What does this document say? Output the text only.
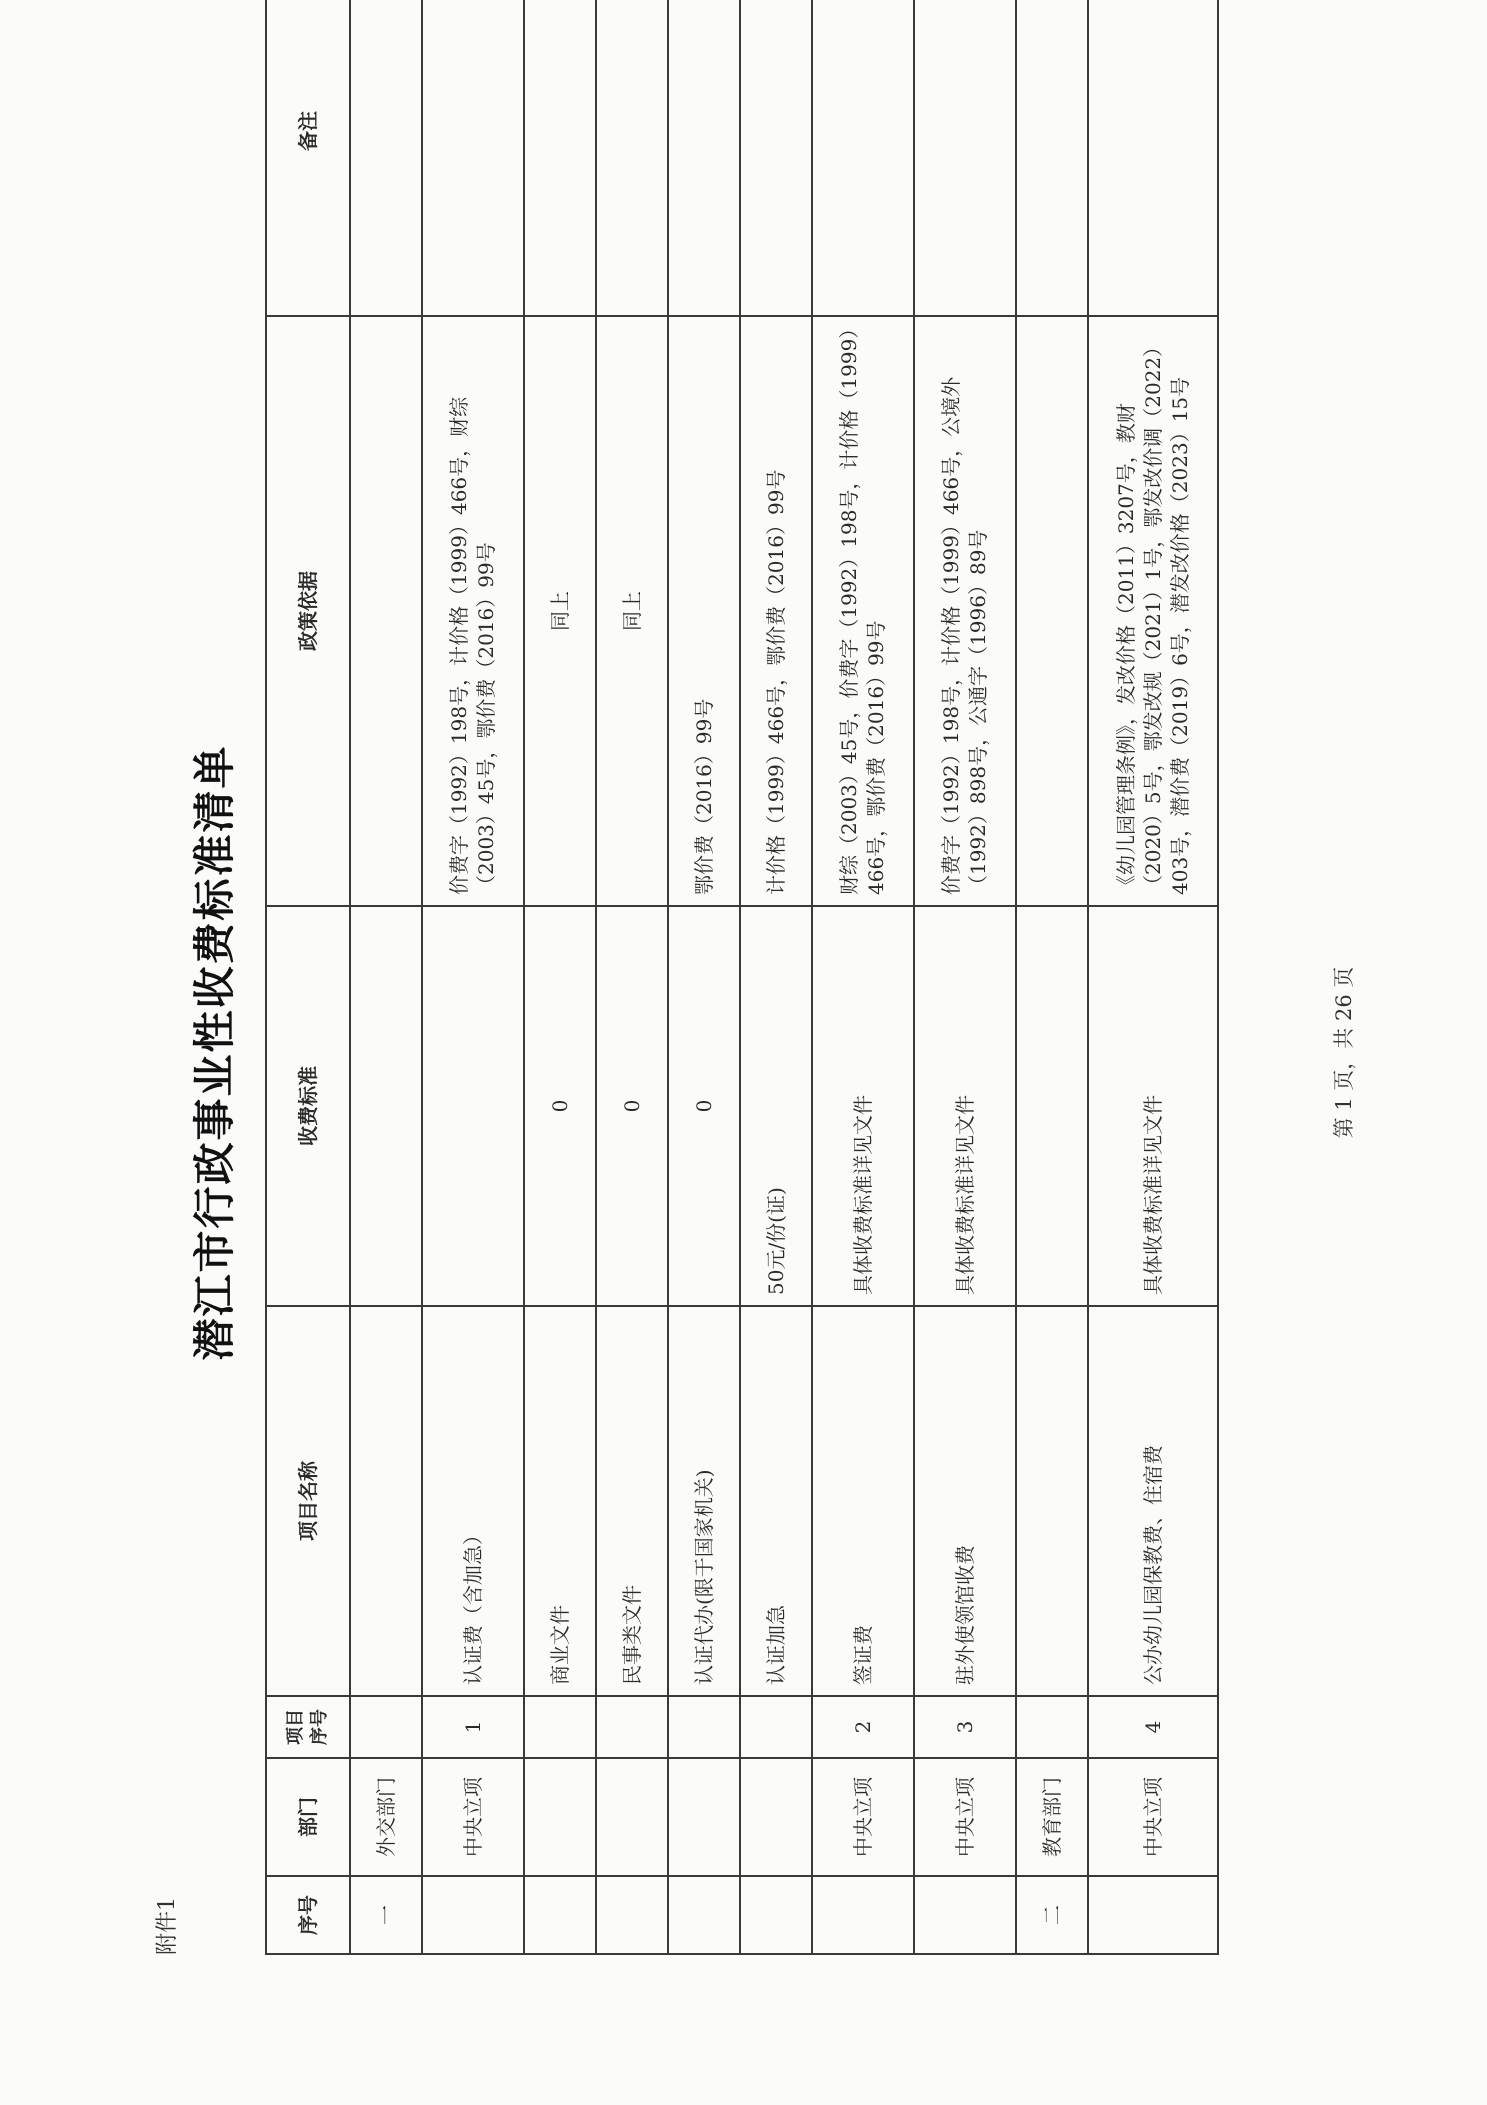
附件1
潜江市行政事业性收费标准清单
序号	部门	项目序号	项目名称	收费标准	政策依据	备注
一	外交部门					
	中央立项	1	认证费（含加急）		价费字（1992）198号，计价格（1999）466号，财综（2003）45号，鄂价费（2016）99号	
			商业文件	0	同上	
			民事类文件	0	同上	
			认证代办(限于国家机关)	0	鄂价费（2016）99号	
			认证加急	50元/份(证)	计价格（1999）466号，鄂价费（2016）99号	
	中央立项	2	签证费	具体收费标准详见文件	财综（2003）45号，价费字（1992）198号，计价格（1999）466号，鄂价费（2016）99号	
	中央立项	3	驻外使领馆收费	具体收费标准详见文件	价费字（1992）198号，计价格（1999）466号，公境外（1992）898号，公通字（1996）89号	
二	教育部门					
	中央立项	4	公办幼儿园保教费、住宿费	具体收费标准详见文件	《幼儿园管理条例》，发改价格（2011）3207号，教财（2020）5号，鄂发改规（2021）1号，鄂发改价调（2022）403号，潜价费（2019）6号，潜发改价格（2023）15号	
第 1 页，共 26 页
